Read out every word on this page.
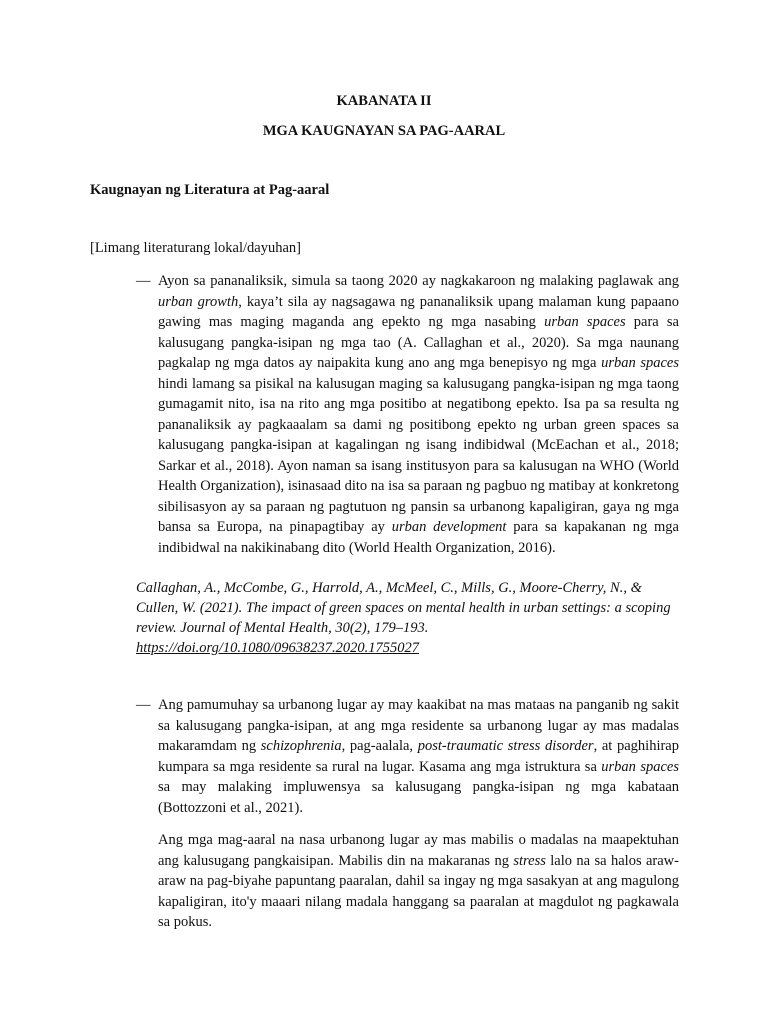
KABANATA II

MGA KAUGNAYAN SA PAG-AARAL

Kaugnayan ng Literatura at Pag-aaral

[Limang literaturang lokal/dayuhan]

— Ayon sa pananaliksik, simula sa taong 2020 ay nagkakaroon ng malaking paglawak ang urban growth, kaya’t sila ay nagsagawa ng pananaliksik upang malaman kung papaano gawing mas maging maganda ang epekto ng mga nasabing urban spaces para sa kalusugang pangka-isipan ng mga tao (A. Callaghan et al., 2020). Sa mga naunang pagkalap ng mga datos ay naipakita kung ano ang mga benepisyo ng mga urban spaces hindi lamang sa pisikal na kalusugan maging sa kalusugang pangka-isipan ng mga taong gumagamit nito, isa na rito ang mga positibo at negatibong epekto. Isa pa sa resulta ng pananaliksik ay pagkaaalam sa dami ng positibong epekto ng urban green spaces sa kalusugang pangka-isipan at kagalingan ng isang indibidwal (McEachan et al., 2018; Sarkar et al., 2018). Ayon naman sa isang institusyon para sa kalusugan na WHO (World Health Organization), isinasaad dito na isa sa paraan ng pagbuo ng matibay at konkretong sibilisasyon ay sa paraan ng pagtutuon ng pansin sa urbanong kapaligiran, gaya ng mga bansa sa Europa, na pinapagtibay ay urban development para sa kapakanan ng mga indibidwal na nakikinabang dito (World Health Organization, 2016).

Callaghan, A., McCombe, G., Harrold, A., McMeel, C., Mills, G., Moore-Cherry, N., & Cullen, W. (2021). The impact of green spaces on mental health in urban settings: a scoping review. Journal of Mental Health, 30(2), 179–193. https://doi.org/10.1080/09638237.2020.1755027

— Ang pamumuhay sa urbanong lugar ay may kaakibat na mas mataas na panganib ng sakit sa kalusugang pangka-isipan, at ang mga residente sa urbanong lugar ay mas madalas makaramdam ng schizophrenia, pag-aalala, post-traumatic stress disorder, at paghihirap kumpara sa mga residente sa rural na lugar. Kasama ang mga istruktura sa urban spaces sa may malaking impluwensya sa kalusugang pangka-isipan ng mga kabataan (Bottozzoni et al., 2021).

Ang mga mag-aaral na nasa urbanong lugar ay mas mabilis o madalas na maapektuhan ang kalusugang pangkaisipan. Mabilis din na makaranas ng stress lalo na sa halos araw-araw na pag-biyahe papuntang paaralan, dahil sa ingay ng mga sasakyan at ang magulong kapaligiran, ito'y maaari nilang madala hanggang sa paaralan at magdulot ng pagkawala sa pokus.
